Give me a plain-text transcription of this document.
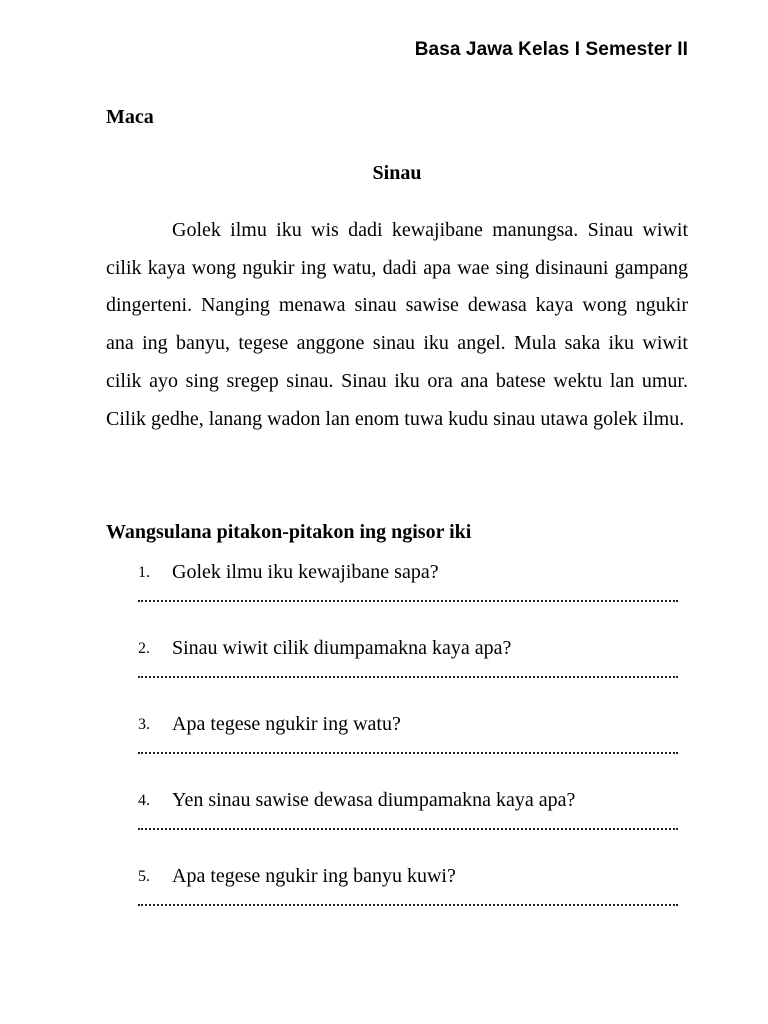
Basa Jawa Kelas I Semester II
Maca
Sinau

Golek ilmu iku wis dadi kewajibane manungsa. Sinau wiwit cilik kaya wong ngukir ing watu, dadi apa wae sing disinauni gampang dingerteni. Nanging menawa sinau sawise dewasa kaya wong ngukir ana ing banyu, tegese anggone sinau iku angel. Mula saka iku wiwit cilik ayo sing sregep sinau. Sinau iku ora ana batese wektu lan umur. Cilik gedhe, lanang wadon lan enom tuwa kudu sinau utawa golek ilmu.

Wangsulana pitakon-pitakon ing ngisor iki
1. Golek ilmu iku kewajibane sapa?
2. Sinau wiwit cilik diumpamakna kaya apa?
3. Apa tegese ngukir ing watu?
4. Yen sinau sawise dewasa diumpamakna kaya apa?
5. Apa tegese ngukir ing banyu kuwi?
